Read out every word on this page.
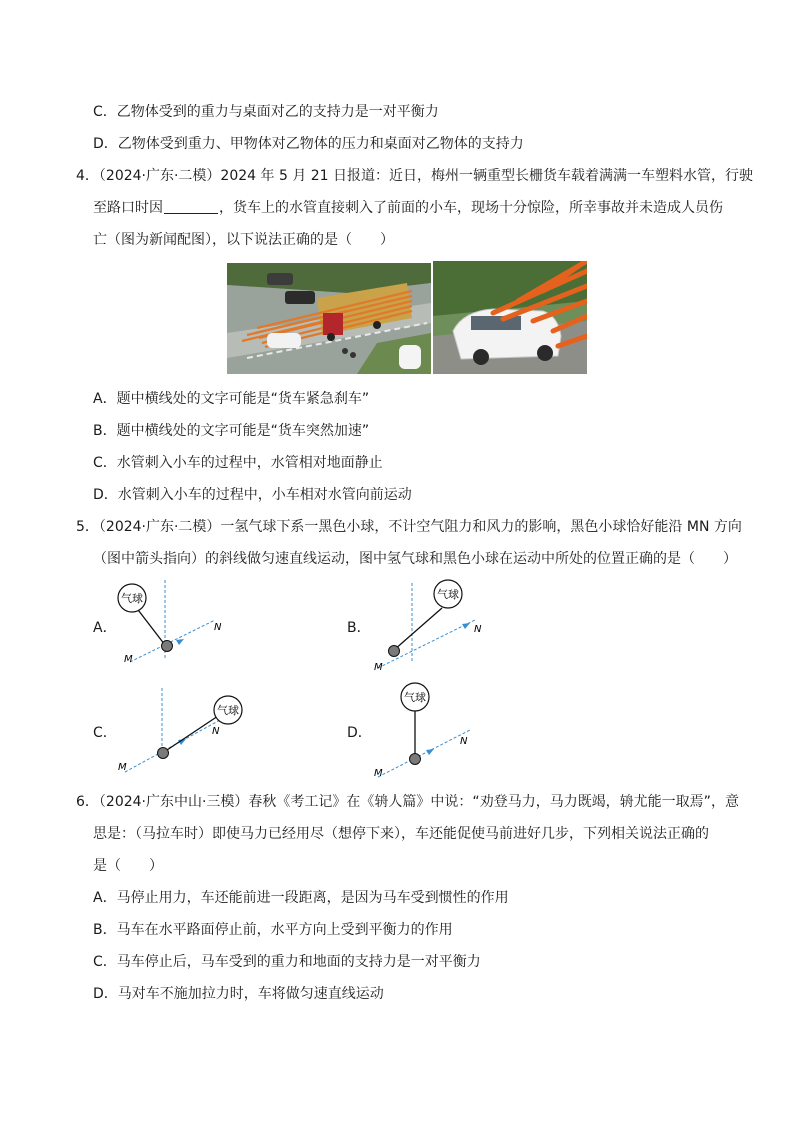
C．乙物体受到的重力与桌面对乙的支持力是一对平衡力
D．乙物体受到重力、甲物体对乙物体的压力和桌面对乙物体的支持力
4．（2024·广东·二模）2024 年 5 月 21 日报道：近日，梅州一辆重型长栅货车载着满满一车塑料水管，行驶
至路口时因	，货车上的水管直接刺入了前面的小车，现场十分惊险，所幸事故并未造成人员伤
亡（图为新闻配图），以下说法正确的是（　　）
A．题中横线处的文字可能是“货车紧急刹车”
B．题中横线处的文字可能是“货车突然加速”
C．水管刺入小车的过程中，水管相对地面静止
D．水管刺入小车的过程中，小车相对水管向前运动
5．（2024·广东·二模）一氢气球下系一黑色小球，不计空气阻力和风力的影响，黑色小球恰好能沿 MN 方向
（图中箭头指向）的斜线做匀速直线运动，图中氢气球和黑色小球在运动中所处的位置正确的是（　　）
A．
气球
M
N	B．
气球
M
N
C．
气球
M
N	D．
气球
M
N
6．（2024·广东中山·三模）春秋《考工记》在《辀人篇》中说：“劝登马力，马力既竭，辀尤能一取焉”，意
思是：（马拉车时）即使马力已经用尽（想停下来），车还能促使马前进好几步，下列相关说法正确的
是（　　）
A．马停止用力，车还能前进一段距离，是因为马车受到惯性的作用
B．马车在水平路面停止前，水平方向上受到平衡力的作用
C．马车停止后，马车受到的重力和地面的支持力是一对平衡力
D．马对车不施加拉力时，车将做匀速直线运动
